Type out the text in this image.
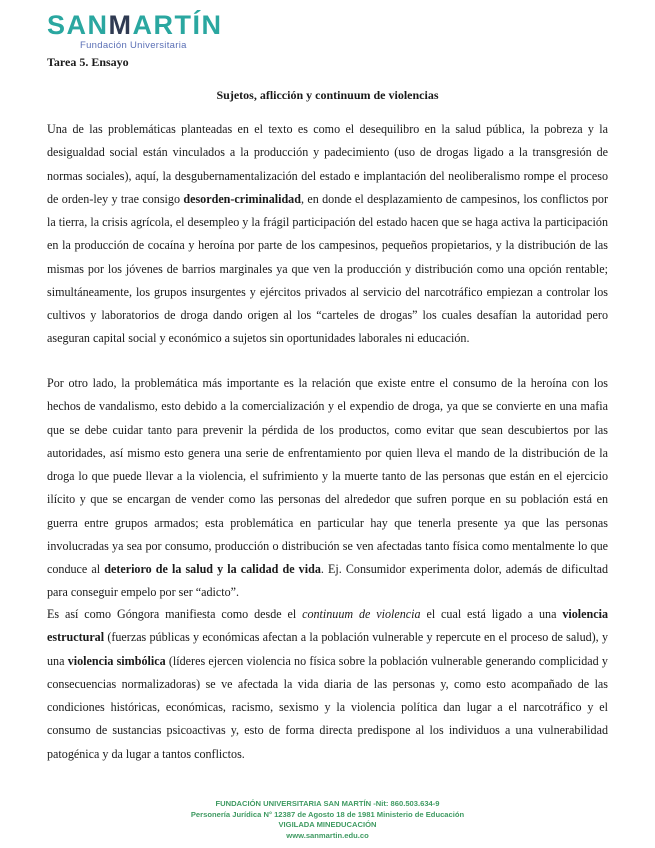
SANMARTÍN
Fundación Universitaria
Tarea 5. Ensayo
Sujetos, aflicción y continuum de violencias

Una de las problemáticas planteadas en el texto es como el desequilibro en la salud pública, la pobreza y la desigualdad social están vinculados a la producción y padecimiento (uso de drogas ligado a la transgresión de normas sociales), aquí, la desgubernamentalización del estado e implantación del neoliberalismo rompe el proceso de orden-ley y trae consigo desorden-criminalidad, en donde el desplazamiento de campesinos, los conflictos por la tierra, la crisis agrícola, el desempleo y la frágil participación del estado hacen que se haga activa la participación en la producción de cocaína y heroína por parte de los campesinos, pequeños propietarios, y la distribución de las mismas por los jóvenes de barrios marginales ya que ven la producción y distribución como una opción rentable; simultáneamente, los grupos insurgentes y ejércitos privados al servicio del narcotráfico empiezan a controlar los cultivos y laboratorios de droga dando origen al los “carteles de drogas” los cuales desafían la autoridad pero aseguran capital social y económico a sujetos sin oportunidades laborales ni educación.

Por otro lado, la problemática más importante es la relación que existe entre el consumo de la heroína con los hechos de vandalismo, esto debido a la comercialización y el expendio de droga, ya que se convierte en una mafia que se debe cuidar tanto para prevenir la pérdida de los productos, como evitar que sean descubiertos por las autoridades, así mismo esto genera una serie de enfrentamiento por quien lleva el mando de la distribución de la droga lo que puede llevar a la violencia, el sufrimiento y la muerte tanto de las personas que están en el ejercicio ilícito y que se encargan de vender como las personas del alrededor que sufren porque en su población está en guerra entre grupos armados; esta problemática en particular hay que tenerla presente ya que las personas involucradas ya sea por consumo, producción o distribución se ven afectadas tanto física como mentalmente lo que conduce al deterioro de la salud y la calidad de vida. Ej. Consumidor experimenta dolor, además de dificultad para conseguir empelo por ser “adicto”.

Es así como Góngora manifiesta como desde el continuum de violencia el cual está ligado a una violencia estructural (fuerzas públicas y económicas afectan a la población vulnerable y repercute en el proceso de salud), y una violencia simbólica (líderes ejercen violencia no física sobre la población vulnerable generando complicidad y consecuencias normalizadoras) se ve afectada la vida diaria de las personas y, como esto acompañado de las condiciones históricas, económicas, racismo, sexismo y la violencia política dan lugar a el narcotráfico y el consumo de sustancias psicoactivas y, esto de forma directa predispone al los individuos a una vulnerabilidad patogénica y da lugar a tantos conflictos.

FUNDACIÓN UNIVERSITARIA SAN MARTÍN -Nit: 860.503.634-9
Personería Jurídica N° 12387 de Agosto 18 de 1981 Ministerio de Educación
VIGILADA MINEDUCACIÓN
www.sanmartin.edu.co
